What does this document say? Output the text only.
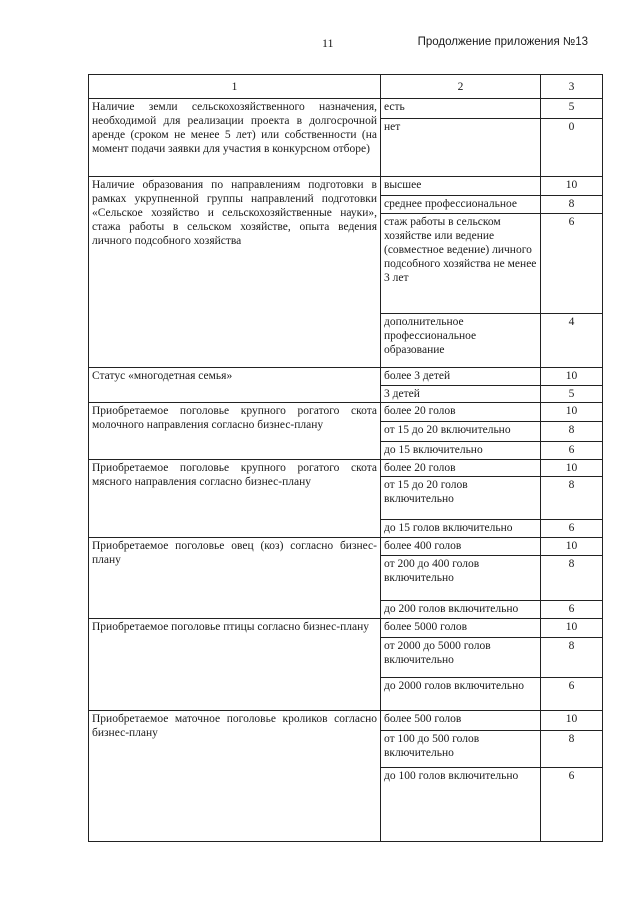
11	Продолжение приложения №13
1	2	3
Наличие земли сельскохозяйственного назначения, необходимой для реализации проекта в долгосрочной аренде (сроком не менее 5 лет) или собственности (на момент подачи заявки для участия в конкурсном отборе)	есть	5
	нет	0
Наличие образования по направлениям подготовки в рамках укрупненной группы направлений подготовки «Сельское хозяйство и сельскохозяйственные науки», стажа работы в сельском хозяйстве, опыта ведения личного подсобного хозяйства	высшее	10
	среднее профессиональное	8
	стаж работы в сельском хозяйстве или ведение (совместное ведение) личного подсобного хозяйства не менее 3 лет	6
	дополнительное профессиональное образование	4
Статус «многодетная семья»	более 3 детей	10
	3 детей	5
Приобретаемое поголовье крупного рогатого скота молочного направления согласно бизнес-плану	более 20 голов	10
	от 15 до 20 включительно	8
	до 15 включительно	6
Приобретаемое поголовье крупного рогатого скота мясного направления согласно бизнес-плану	более 20 голов	10
	от 15 до 20 голов включительно	8
	до 15 голов включительно	6
Приобретаемое поголовье овец (коз) согласно бизнес-плану	более 400 голов	10
	от 200 до 400 голов включительно	8
	до 200 голов включительно	6
Приобретаемое поголовье птицы согласно бизнес-плану	более 5000 голов	10
	от 2000 до 5000 голов включительно	8
	до 2000 голов включительно	6
Приобретаемое маточное поголовье кроликов согласно бизнес-плану	более 500 голов	10
	от 100 до 500 голов включительно	8
	до 100 голов включительно	6
